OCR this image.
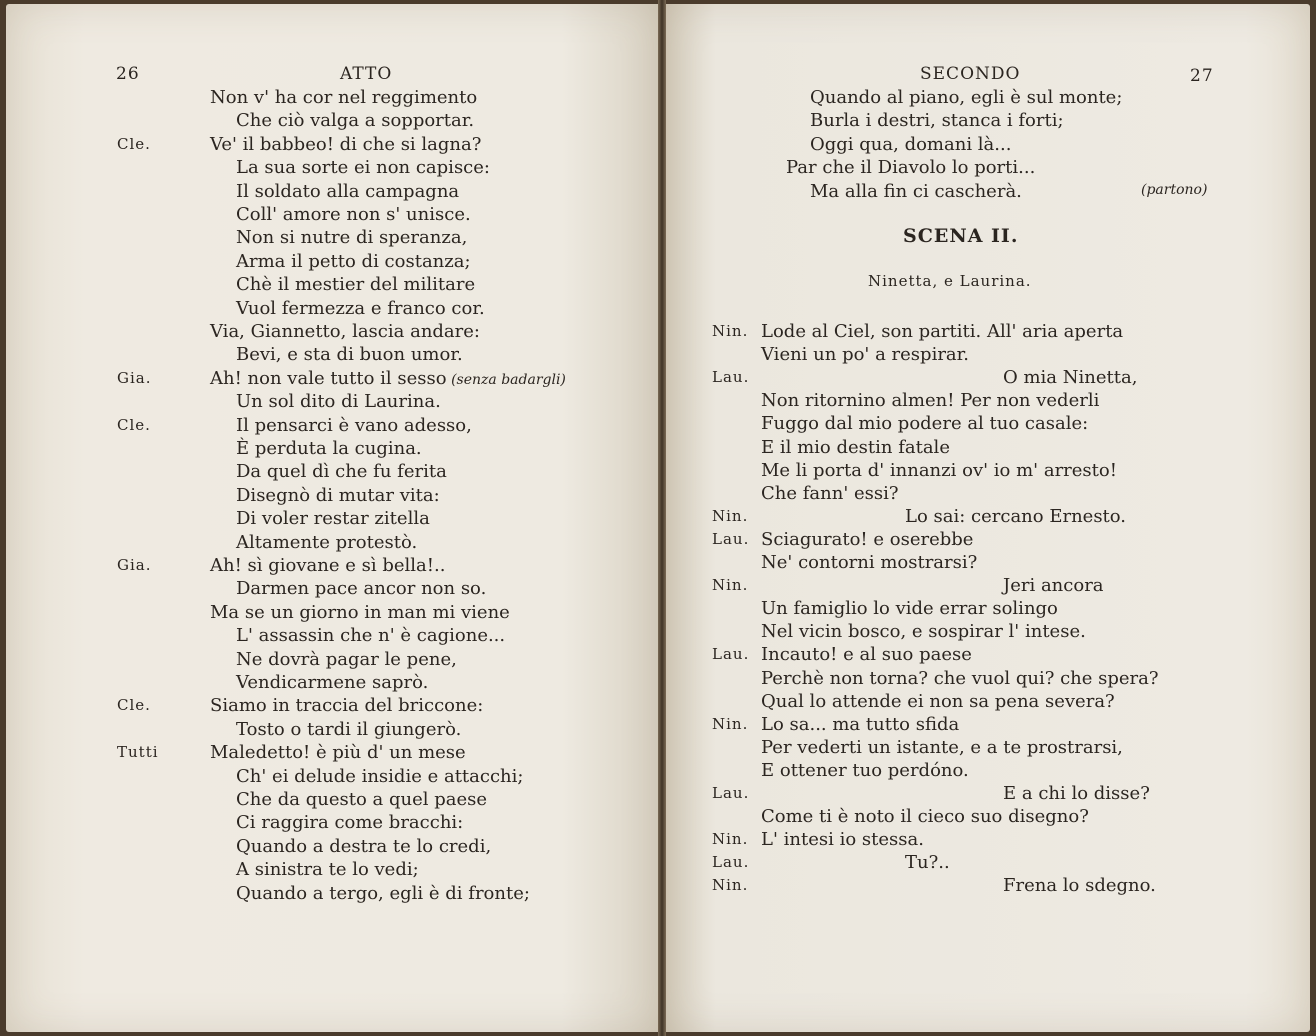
26	ATTO	27
SECONDO
Non v' ha cor nel reggimento
Che ciò valga a sopportar.
Cle.	Ve' il babbeo! di che si lagna?
La sua sorte ei non capisce:
Il soldato alla campagna
Coll' amore non s' unisce.
Non si nutre di speranza,
Arma il petto di costanza;
Chè il mestier del militare
Vuol fermezza e franco cor.
Via, Giannetto, lascia andare:
Bevi, e sta di buon umor.
Gia.	Ah! non vale tutto il sesso (senza badargli)
Un sol dito di Laurina.
Cle.	Il pensarci è vano adesso,
È perduta la cugina.
Da quel dì che fu ferita
Disegnò di mutar vita:
Di voler restar zitella
Altamente protestò.
Gia.	Ah! sì giovane e sì bella!..
Darmen pace ancor non so.
Ma se un giorno in man mi viene
L' assassin che n' è cagione...
Ne dovrà pagar le pene,
Vendicarmene saprò.
Cle.	Siamo in traccia del briccone:
Tosto o tardi il giungerò.
Tutti	Maledetto! è più d' un mese
Ch' ei delude insidie e attacchi;
Che da questo a quel paese
Ci raggira come bracchi:
Quando a destra te lo credi,
A sinistra te lo vedi;
Quando a tergo, egli è di fronte;
Quando al piano, egli è sul monte;
Burla i destri, stanca i forti;
Oggi qua, domani là...
Par che il Diavolo lo porti...
Ma alla fin ci cascherà.	(partono)
SCENA II.
Ninetta, e Laurina.
Nin. Lode al Ciel, son partiti. All' aria aperta
Vieni un po' a respirar.
Lau.	O mia Ninetta,
Non ritornino almen! Per non vederli
Fuggo dal mio podere al tuo casale:
E il mio destin fatale
Me li porta d' innanzi ov' io m' arresto!
Che fann' essi?
Nin.	Lo sai: cercano Ernesto.
Lau. Sciagurato! e oserebbe
Ne' contorni mostrarsi?
Nin.	Jeri ancora
Un famiglio lo vide errar solingo
Nel vicin bosco, e sospirar l' intese.
Lau. Incauto! e al suo paese
Perchè non torna? che vuol qui? che spera?
Qual lo attende ei non sa pena severa?
Nin. Lo sa... ma tutto sfida
Per vederti un istante, e a te prostrarsi,
E ottener tuo perdóno.
Lau.	E a chi lo disse?
Come ti è noto il cieco suo disegno?
Nin. L' intesi io stessa.
Lau.	Tu?..
Nin.	Frena lo sdegno.
